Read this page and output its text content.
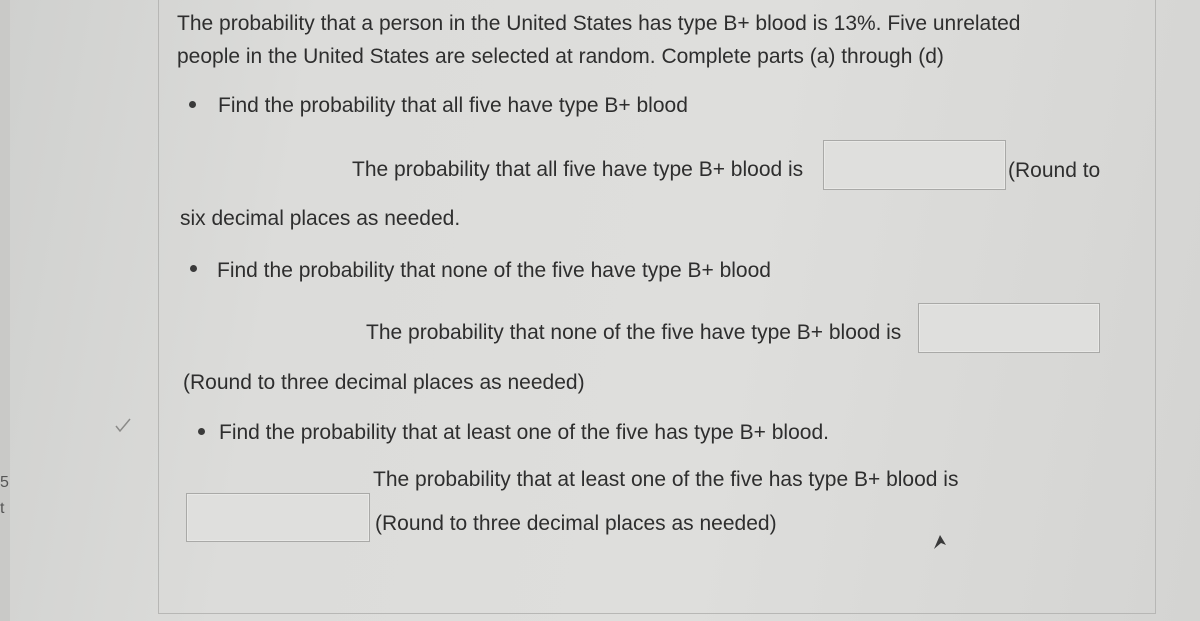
5
t
The probability that a person in the United States has type B+ blood is 13%. Five unrelated
people in the United States are selected at random. Complete parts (a) through (d)
Find the probability that all five have type B+ blood
The probability that all five have type B+ blood is	(Round to
six decimal places as needed.
Find the probability that none of the five have type B+ blood
The probability that none of the five have type B+ blood is
(Round to three decimal places as needed)
Find the probability that at least one of the five has type B+ blood.
The probability that at least one of the five has type B+ blood is
(Round to three decimal places as needed)
